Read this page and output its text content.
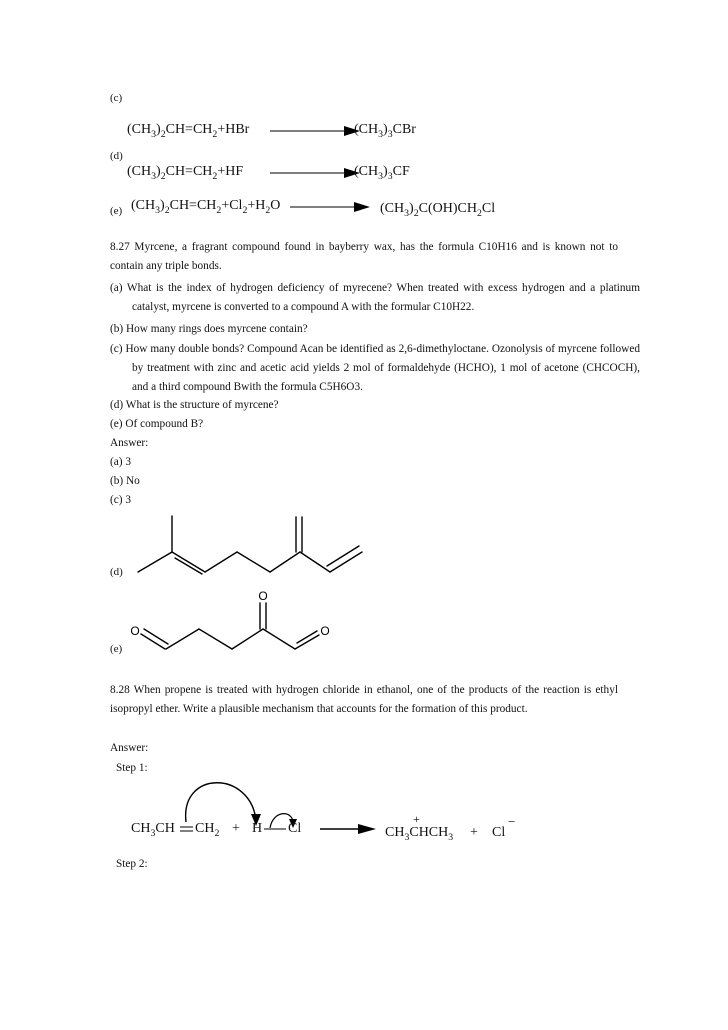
(c)
$(CH_3)_2CH=CH_2+HBr$	$(CH_3)_3CBr$
(d)
$(CH_3)_2CH=CH_2+HF$	$(CH_3)_3CF$
(e) $(CH_3)_2CH=CH_2+Cl_2+H_2O$	$(CH_3)_2C(OH)CH_2Cl$
8.27 Myrcene, a fragrant compound found in bayberry wax, has the formula C10H16 and is known not to contain any triple bonds.
(a) What is the index of hydrogen deficiency of myrecene? When treated with excess hydrogen and a platinum catalyst, myrcene is converted to a compound A with the formular C10H22.
(b) How many rings does myrcene contain?
(c) How many double bonds? Compound Acan be identified as 2,6-dimethyloctane. Ozonolysis of myrcene followed by treatment with zinc and acetic acid yields 2 mol of formaldehyde (HCHO), 1 mol of acetone (CHCOCH), and a third compound Bwith the formula C5H6O3.
(d) What is the structure of myrcene?
(e) Of compound B?
Answer:
(a) 3
(b) No
(c) 3
(d)
(e)
O
O
O
8.28 When propene is treated with hydrogen chloride in ethanol, one of the products of the reaction is ethyl isopropyl ether. Write a plausible mechanism that accounts for the formation of this product.
Answer:
Step 1:
+	−
$CH_3CH$ $CH_2 + H$ Cl	$CH_3CHCH_3 + Cl$
Step 2:
